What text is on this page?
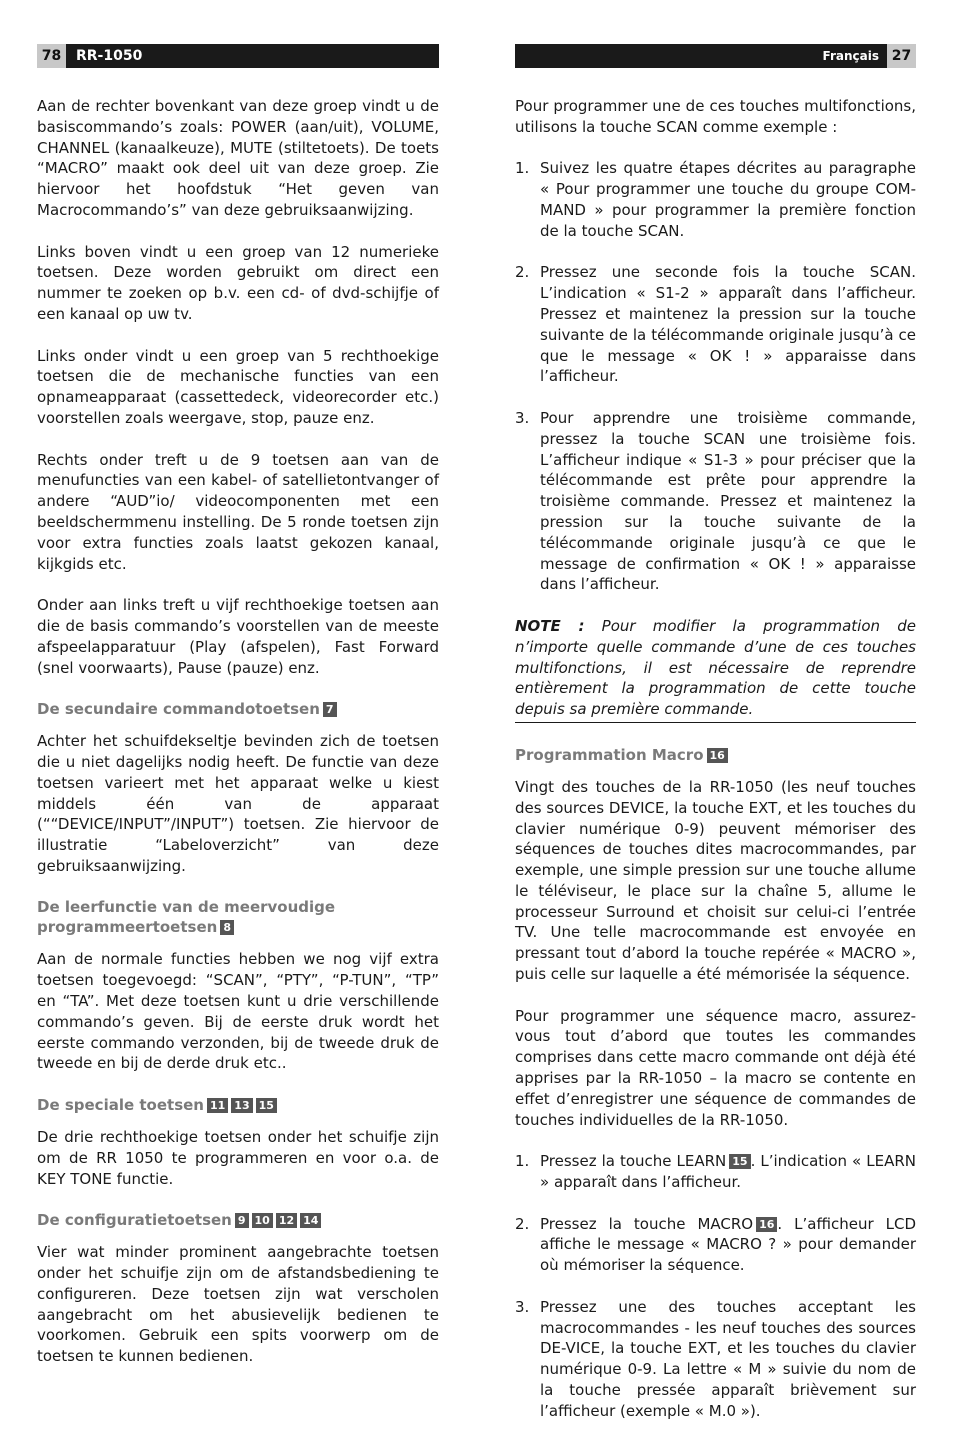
78	RR-1050	Français 27

Aan de rechter bovenkant van deze groep vindt u de basiscommando’s zoals: POWER (aan/uit), VOLUME, CHANNEL (kanaalkeuze), MUTE (stiltetoets). De toets “MACRO” maakt ook deel uit van deze groep. Zie hiervoor het hoofdstuk “Het geven van Macrocommando’s” van deze gebruiksaanwijzing.

Links boven vindt u een groep van 12 numerieke toetsen. Deze worden gebruikt om direct een nummer te zoeken op b.v. een cd- of dvd-schijfje of een kanaal op uw tv.

Links onder vindt u een groep van 5 rechthoekige toetsen die de mechanische functies van een opnameapparaat (cassettedeck, videorecorder etc.) voorstellen zoals weergave, stop, pauze enz.

Rechts onder treft u de 9 toetsen aan van de menufuncties van een kabel- of satellietontvanger of andere “AUD”io/ videocomponenten met een beeldschermmenu instelling. De 5 ronde toetsen zijn voor extra functies zoals laatst gekozen kanaal, kijkgids etc.

Onder aan links treft u vijf rechthoekige toetsen aan die de basis commando’s voorstellen van de meeste afspeelapparatuur (Play (afspelen), Fast Forward (snel voorwaarts), Pause (pauze) enz.

De secundaire commandotoetsen 7

Achter het schuifdekseltje bevinden zich de toetsen die u niet dagelijks nodig heeft. De functie van deze toetsen varieert met het apparaat welke u kiest middels één van de apparaat (““DEVICE/INPUT”/INPUT”) toetsen. Zie hiervoor de illustratie “Labeloverzicht” van deze gebruiksaanwijzing.

De leerfunctie van de meervoudige
programmeertoetsen 8

Aan de normale functies hebben we nog vijf extra toetsen toegevoegd: “SCAN”, “PTY”, “P-TUN”, “TP” en “TA”. Met deze toetsen kunt u drie verschillende commando’s geven. Bij de eerste druk wordt het eerste commando verzonden, bij de tweede druk de tweede en bij de derde druk etc..

De speciale toetsen 11 13 15

De drie rechthoekige toetsen onder het schuifje zijn om de RR 1050 te programmeren en voor o.a. de KEY TONE functie.

De configuratietoetsen 9 10 12 14

Vier wat minder prominent aangebrachte toetsen onder het schuifje zijn om de afstandsbediening te configureren. Deze toetsen zijn wat verscholen aangebracht om het abusievelijk bedienen te voorkomen. Gebruik een spits voorwerp om de toetsen te kunnen bedienen.

Pour programmer une de ces touches multifonctions, utilisons la touche SCAN comme exemple :

1. Suivez les quatre étapes décrites au paragraphe « Pour programmer une touche du groupe COM-MAND » pour programmer la première fonction de la touche SCAN.
2. Pressez une seconde fois la touche SCAN. L’indication « S1-2 » apparaît dans l’afficheur. Pressez et maintenez la pression sur la touche suivante de la télécommande originale jusqu’à ce que le message « OK ! » apparaisse dans l’afficheur.
3. Pour apprendre une troisième commande, pressez la touche SCAN une troisième fois. L’afficheur indique « S1-3 » pour préciser que la télécommande est prête pour apprendre la troisième commande. Pressez et maintenez la pression sur la touche suivante de la télécommande originale jusqu’à ce que le message de confirmation « OK ! » apparaisse dans l’afficheur.

NOTE : Pour modifier la programmation de n’importe quelle commande d’une de ces touches multifonctions, il est nécessaire de reprendre entièrement la programmation de cette touche depuis sa première commande.

Programmation Macro 16

Vingt des touches de la RR-1050 (les neuf touches des sources DEVICE, la touche EXT, et les touches du clavier numérique 0-9) peuvent mémoriser des séquences de touches dites macrocommandes, par exemple, une simple pression sur une touche allume le téléviseur, le place sur la chaîne 5, allume le processeur Surround et choisit sur celui-ci l’entrée TV. Une telle macrocommande est envoyée en pressant tout d’abord la touche repérée « MACRO », puis celle sur laquelle a été mémorisée la séquence.

Pour programmer une séquence macro, assurez-vous tout d’abord que toutes les commandes comprises dans cette macro commande ont déjà été apprises par la RR-1050 – la macro se contente en effet d’enregistrer une séquence de commandes de touches individuelles de la RR-1050.

1. Pressez la touche LEARN 15 . L’indication « LEARN » apparaît dans l’afficheur.
2. Pressez la touche MACRO 16 . L’afficheur LCD affiche le message « MACRO ? » pour demander où mémoriser la séquence.
3. Pressez une des touches acceptant les macrocommandes - les neuf touches des sources DE-VICE, la touche EXT, et les touches du clavier numérique 0-9. La lettre « M » suivie du nom de la touche pressée apparaît brièvement sur l’afficheur (exemple « M.0 »).
